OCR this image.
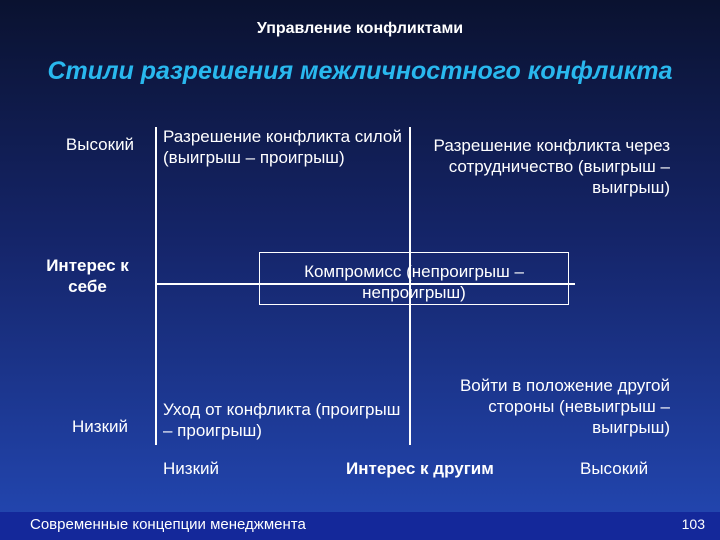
Управление конфликтами
Стили разрешения межличностного конфликта
Высокий
Интерес к себе
Низкий
Разрешение конфликта силой (выигрыш – проигрыш)
Разрешение конфликта через сотрудничество (выигрыш – выигрыш)
Уход от конфликта (проигрыш – проигрыш)
Войти в положение другой стороны (невыигрыш – выигрыш)
Компромисс (непроигрыш – непроигрыш)
Низкий	Интерес к другим	Высокий
Современные концепции менеджмента	103
